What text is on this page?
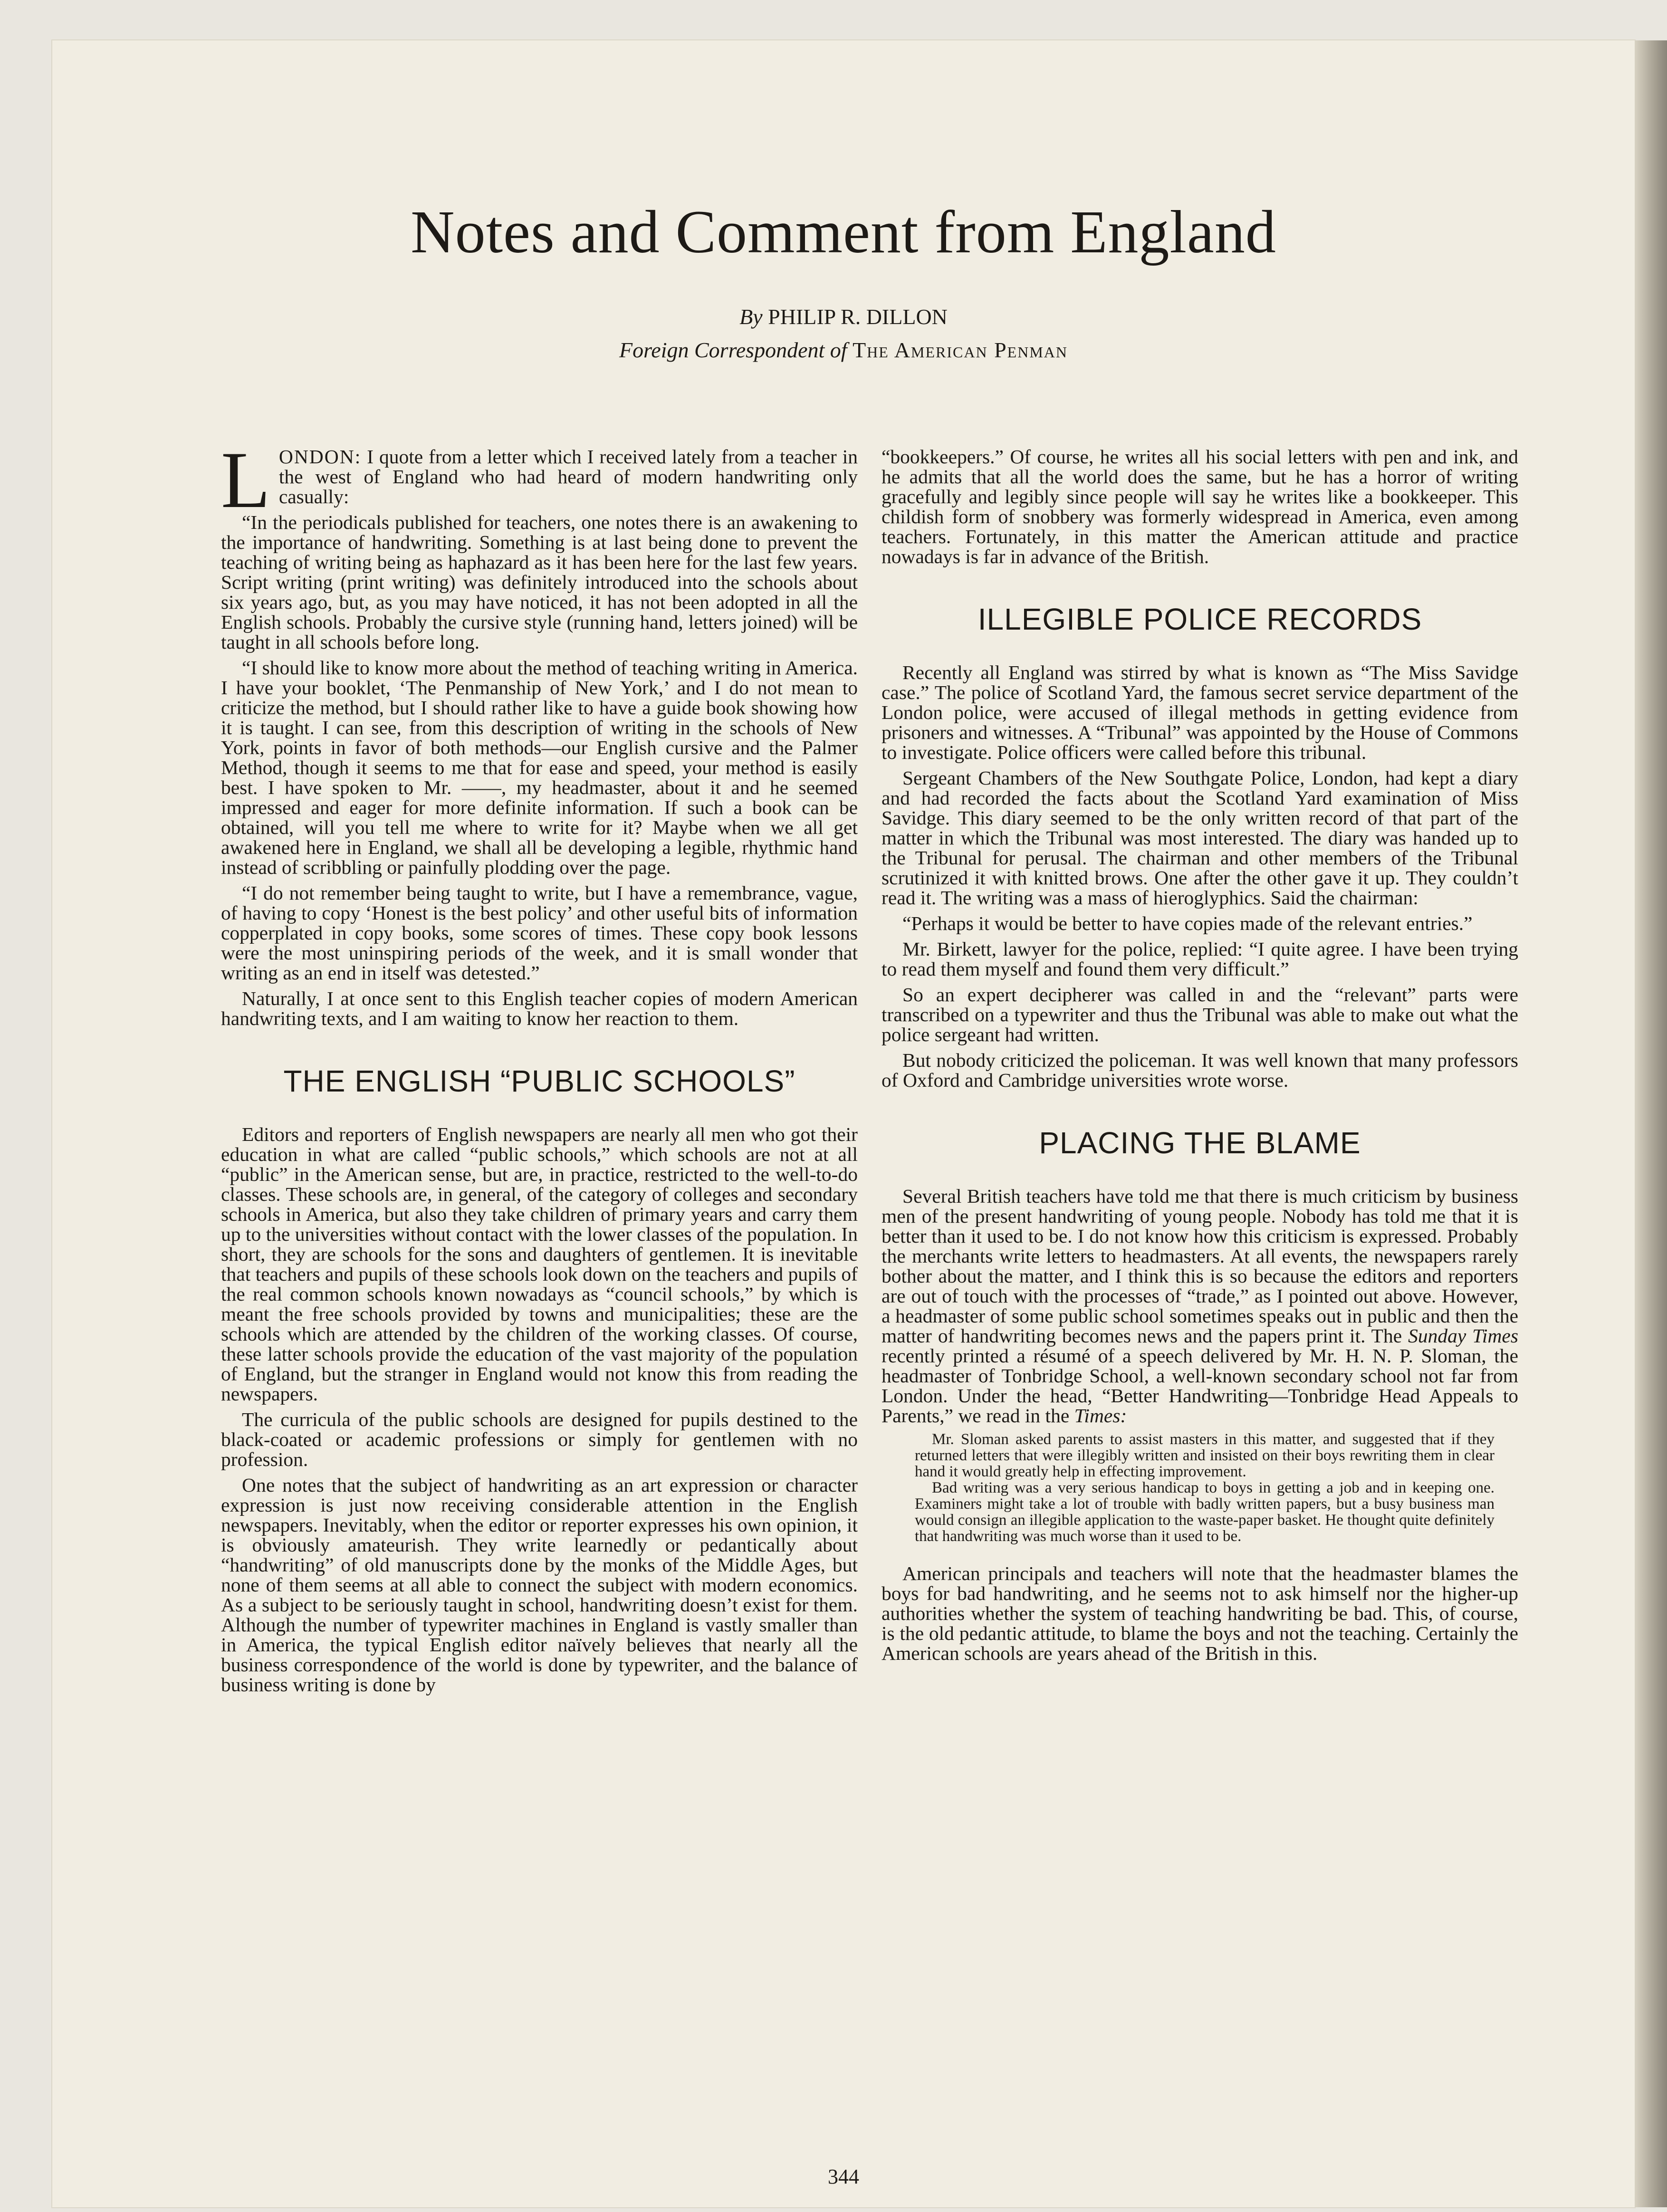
Notes and Comment from England
By PHILIP R. DILLON
Foreign Correspondent of The American Penman

LONDON: I quote from a letter which I received lately from a teacher in the west of England who had heard of modern handwriting only casually:

“In the periodicals published for teachers, one notes there is an awakening to the importance of handwriting. Something is at last being done to prevent the teaching of writing being as haphazard as it has been here for the last few years. Script writing (print writing) was definitely introduced into the schools about six years ago, but, as you may have noticed, it has not been adopted in all the English schools. Probably the cursive style (running hand, letters joined) will be taught in all schools before long.

“I should like to know more about the method of teaching writing in America. I have your booklet, ‘The Penmanship of New York,’ and I do not mean to criticize the method, but I should rather like to have a guide book showing how it is taught. I can see, from this description of writing in the schools of New York, points in favor of both methods—our English cursive and the Palmer Method, though it seems to me that for ease and speed, your method is easily best. I have spoken to Mr. ——, my headmaster, about it and he seemed impressed and eager for more definite information. If such a book can be obtained, will you tell me where to write for it? Maybe when we all get awakened here in England, we shall all be developing a legible, rhythmic hand instead of scribbling or painfully plodding over the page.

“I do not remember being taught to write, but I have a remembrance, vague, of having to copy ‘Honest is the best policy’ and other useful bits of information copperplated in copy books, some scores of times. These copy book lessons were the most uninspiring periods of the week, and it is small wonder that writing as an end in itself was detested.”

Naturally, I at once sent to this English teacher copies of modern American handwriting texts, and I am waiting to know her reaction to them.

THE ENGLISH “PUBLIC SCHOOLS”

Editors and reporters of English newspapers are nearly all men who got their education in what are called “public schools,” which schools are not at all “public” in the American sense, but are, in practice, restricted to the well-to-do classes. These schools are, in general, of the category of colleges and secondary schools in America, but also they take children of primary years and carry them up to the universities without contact with the lower classes of the population. In short, they are schools for the sons and daughters of gentlemen. It is inevitable that teachers and pupils of these schools look down on the teachers and pupils of the real common schools known nowadays as “council schools,” by which is meant the free schools provided by towns and municipalities; these are the schools which are attended by the children of the working classes. Of course, these latter schools provide the education of the vast majority of the population of England, but the stranger in England would not know this from reading the newspapers.

The curricula of the public schools are designed for pupils destined to the black-coated or academic professions or simply for gentlemen with no profession.

One notes that the subject of handwriting as an art expression or character expression is just now receiving considerable attention in the English newspapers. Inevitably, when the editor or reporter expresses his own opinion, it is obviously amateurish. They write learnedly or pedantically about “handwriting” of old manuscripts done by the monks of the Middle Ages, but none of them seems at all able to connect the subject with modern economics. As a subject to be seriously taught in school, handwriting doesn’t exist for them. Although the number of typewriter machines in England is vastly smaller than in America, the typical English editor naïvely believes that nearly all the business correspondence of the world is done by typewriter, and the balance of business writing is done by

“bookkeepers.” Of course, he writes all his social letters with pen and ink, and he admits that all the world does the same, but he has a horror of writing gracefully and legibly since people will say he writes like a bookkeeper. This childish form of snobbery was formerly widespread in America, even among teachers. Fortunately, in this matter the American attitude and practice nowadays is far in advance of the British.

ILLEGIBLE POLICE RECORDS

Recently all England was stirred by what is known as “The Miss Savidge case.” The police of Scotland Yard, the famous secret service department of the London police, were accused of illegal methods in getting evidence from prisoners and witnesses. A “Tribunal” was appointed by the House of Commons to investigate. Police officers were called before this tribunal.

Sergeant Chambers of the New Southgate Police, London, had kept a diary and had recorded the facts about the Scotland Yard examination of Miss Savidge. This diary seemed to be the only written record of that part of the matter in which the Tribunal was most interested. The diary was handed up to the Tribunal for perusal. The chairman and other members of the Tribunal scrutinized it with knitted brows. One after the other gave it up. They couldn’t read it. The writing was a mass of hieroglyphics. Said the chairman:

“Perhaps it would be better to have copies made of the relevant entries.”

Mr. Birkett, lawyer for the police, replied: “I quite agree. I have been trying to read them myself and found them very difficult.”

So an expert decipherer was called in and the “relevant” parts were transcribed on a typewriter and thus the Tribunal was able to make out what the police sergeant had written.

But nobody criticized the policeman. It was well known that many professors of Oxford and Cambridge universities wrote worse.

PLACING THE BLAME

Several British teachers have told me that there is much criticism by business men of the present handwriting of young people. Nobody has told me that it is better than it used to be. I do not know how this criticism is expressed. Probably the merchants write letters to headmasters. At all events, the newspapers rarely bother about the matter, and I think this is so because the editors and reporters are out of touch with the processes of “trade,” as I pointed out above. However, a headmaster of some public school sometimes speaks out in public and then the matter of handwriting becomes news and the papers print it. The Sunday Times recently printed a résumé of a speech delivered by Mr. H. N. P. Sloman, the headmaster of Tonbridge School, a well-known secondary school not far from London. Under the head, “Better Handwriting—Tonbridge Head Appeals to Parents,” we read in the Times:

Mr. Sloman asked parents to assist masters in this matter, and suggested that if they returned letters that were illegibly written and insisted on their boys rewriting them in clear hand it would greatly help in effecting improvement.

Bad writing was a very serious handicap to boys in getting a job and in keeping one. Examiners might take a lot of trouble with badly written papers, but a busy business man would consign an illegible application to the waste-paper basket. He thought quite definitely that handwriting was much worse than it used to be.

American principals and teachers will note that the headmaster blames the boys for bad handwriting, and he seems not to ask himself nor the higher-up authorities whether the system of teaching handwriting be bad. This, of course, is the old pedantic attitude, to blame the boys and not the teaching. Certainly the American schools are years ahead of the British in this.

344
